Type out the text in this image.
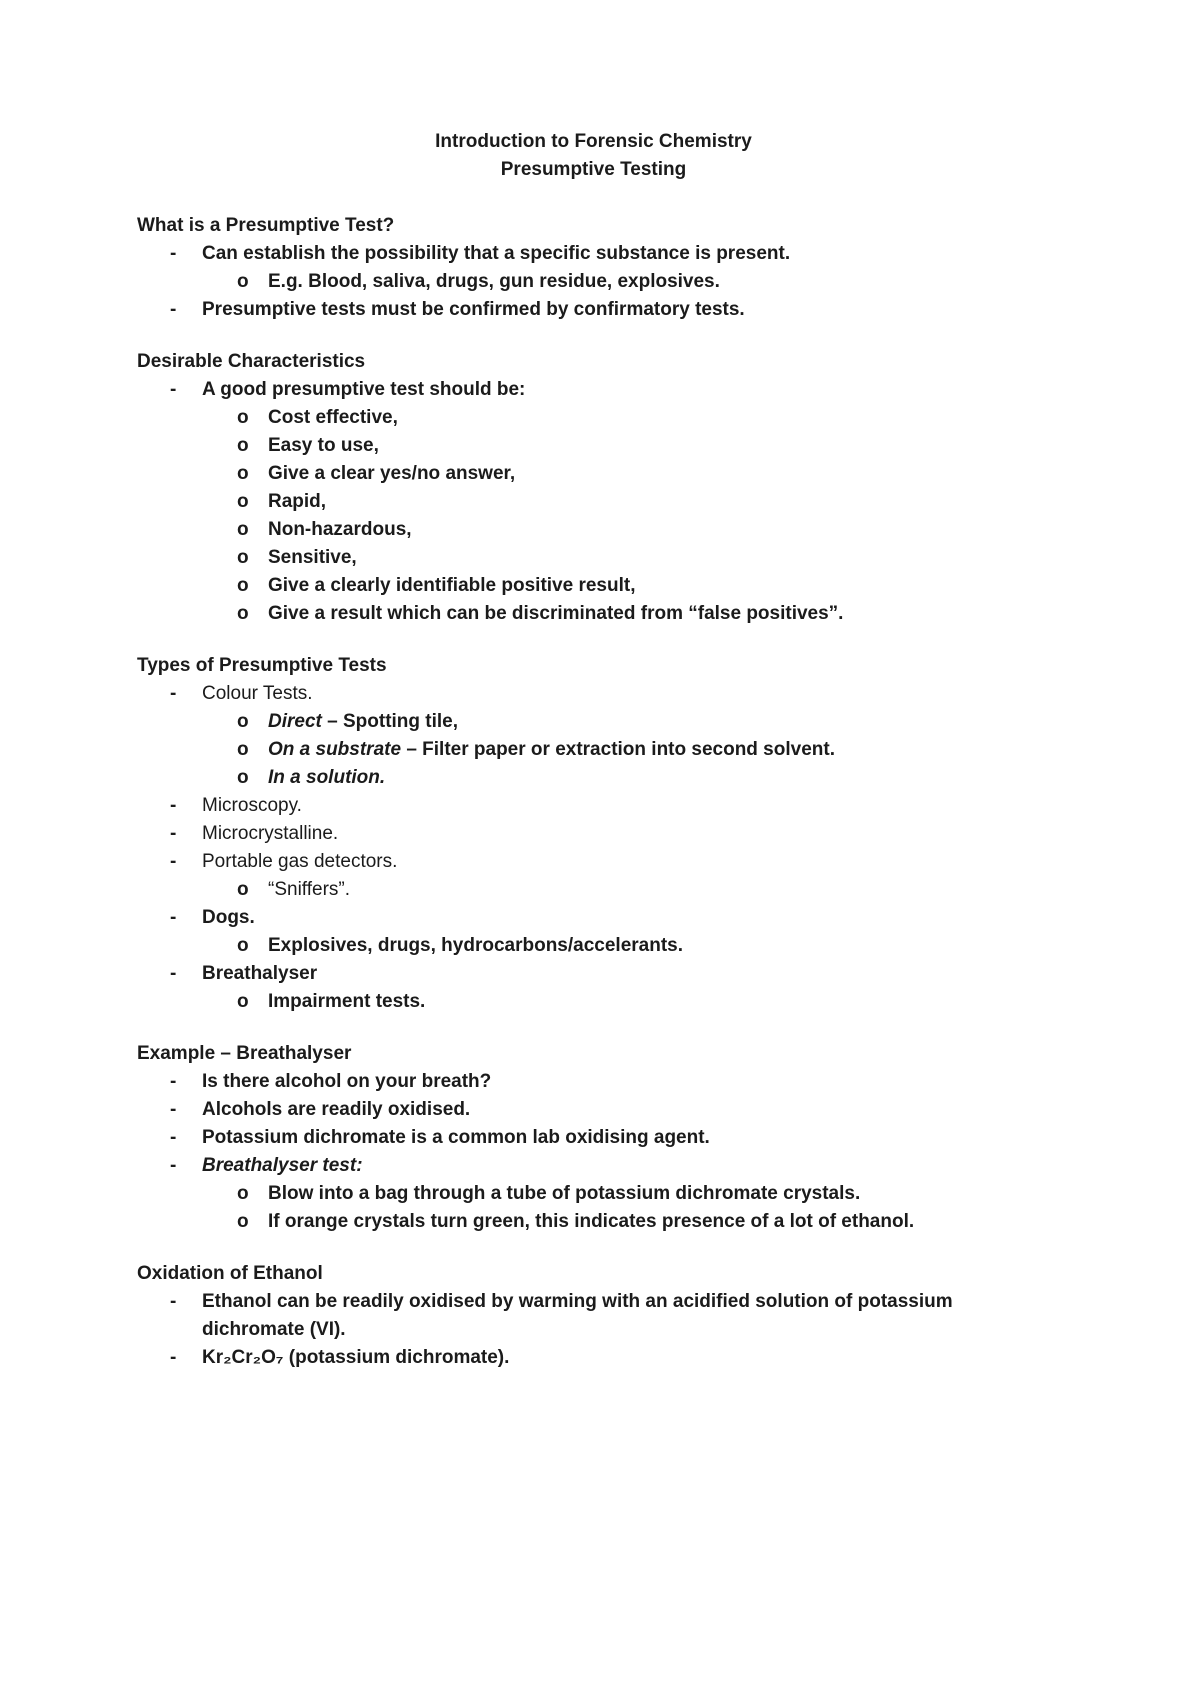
Introduction to Forensic Chemistry
Presumptive Testing
What is a Presumptive Test?
-	Can establish the possibility that a specific substance is present.
o	E.g. Blood, saliva, drugs, gun residue, explosives.
-	Presumptive tests must be confirmed by confirmatory tests.
Desirable Characteristics
-	A good presumptive test should be:
o	Cost effective,
o	Easy to use,
o	Give a clear yes/no answer,
o	Rapid,
o	Non-hazardous,
o	Sensitive,
o	Give a clearly identifiable positive result,
o	Give a result which can be discriminated from “false positives”.
Types of Presumptive Tests
-	Colour Tests.
o	Direct – Spotting tile,
o	On a substrate – Filter paper or extraction into second solvent.
o	In a solution.
-	Microscopy.
-	Microcrystalline.
-	Portable gas detectors.
o	“Sniffers”.
-	Dogs.
o	Explosives, drugs, hydrocarbons/accelerants.
-	Breathalyser
o	Impairment tests.
Example – Breathalyser
-	Is there alcohol on your breath?
-	Alcohols are readily oxidised.
-	Potassium dichromate is a common lab oxidising agent.
-	Breathalyser test:
o	Blow into a bag through a tube of potassium dichromate crystals.
o	If orange crystals turn green, this indicates presence of a lot of ethanol.
Oxidation of Ethanol
-	Ethanol can be readily oxidised by warming with an acidified solution of potassium dichromate (VI).
-	Kr₂Cr₂O₇ (potassium dichromate).
